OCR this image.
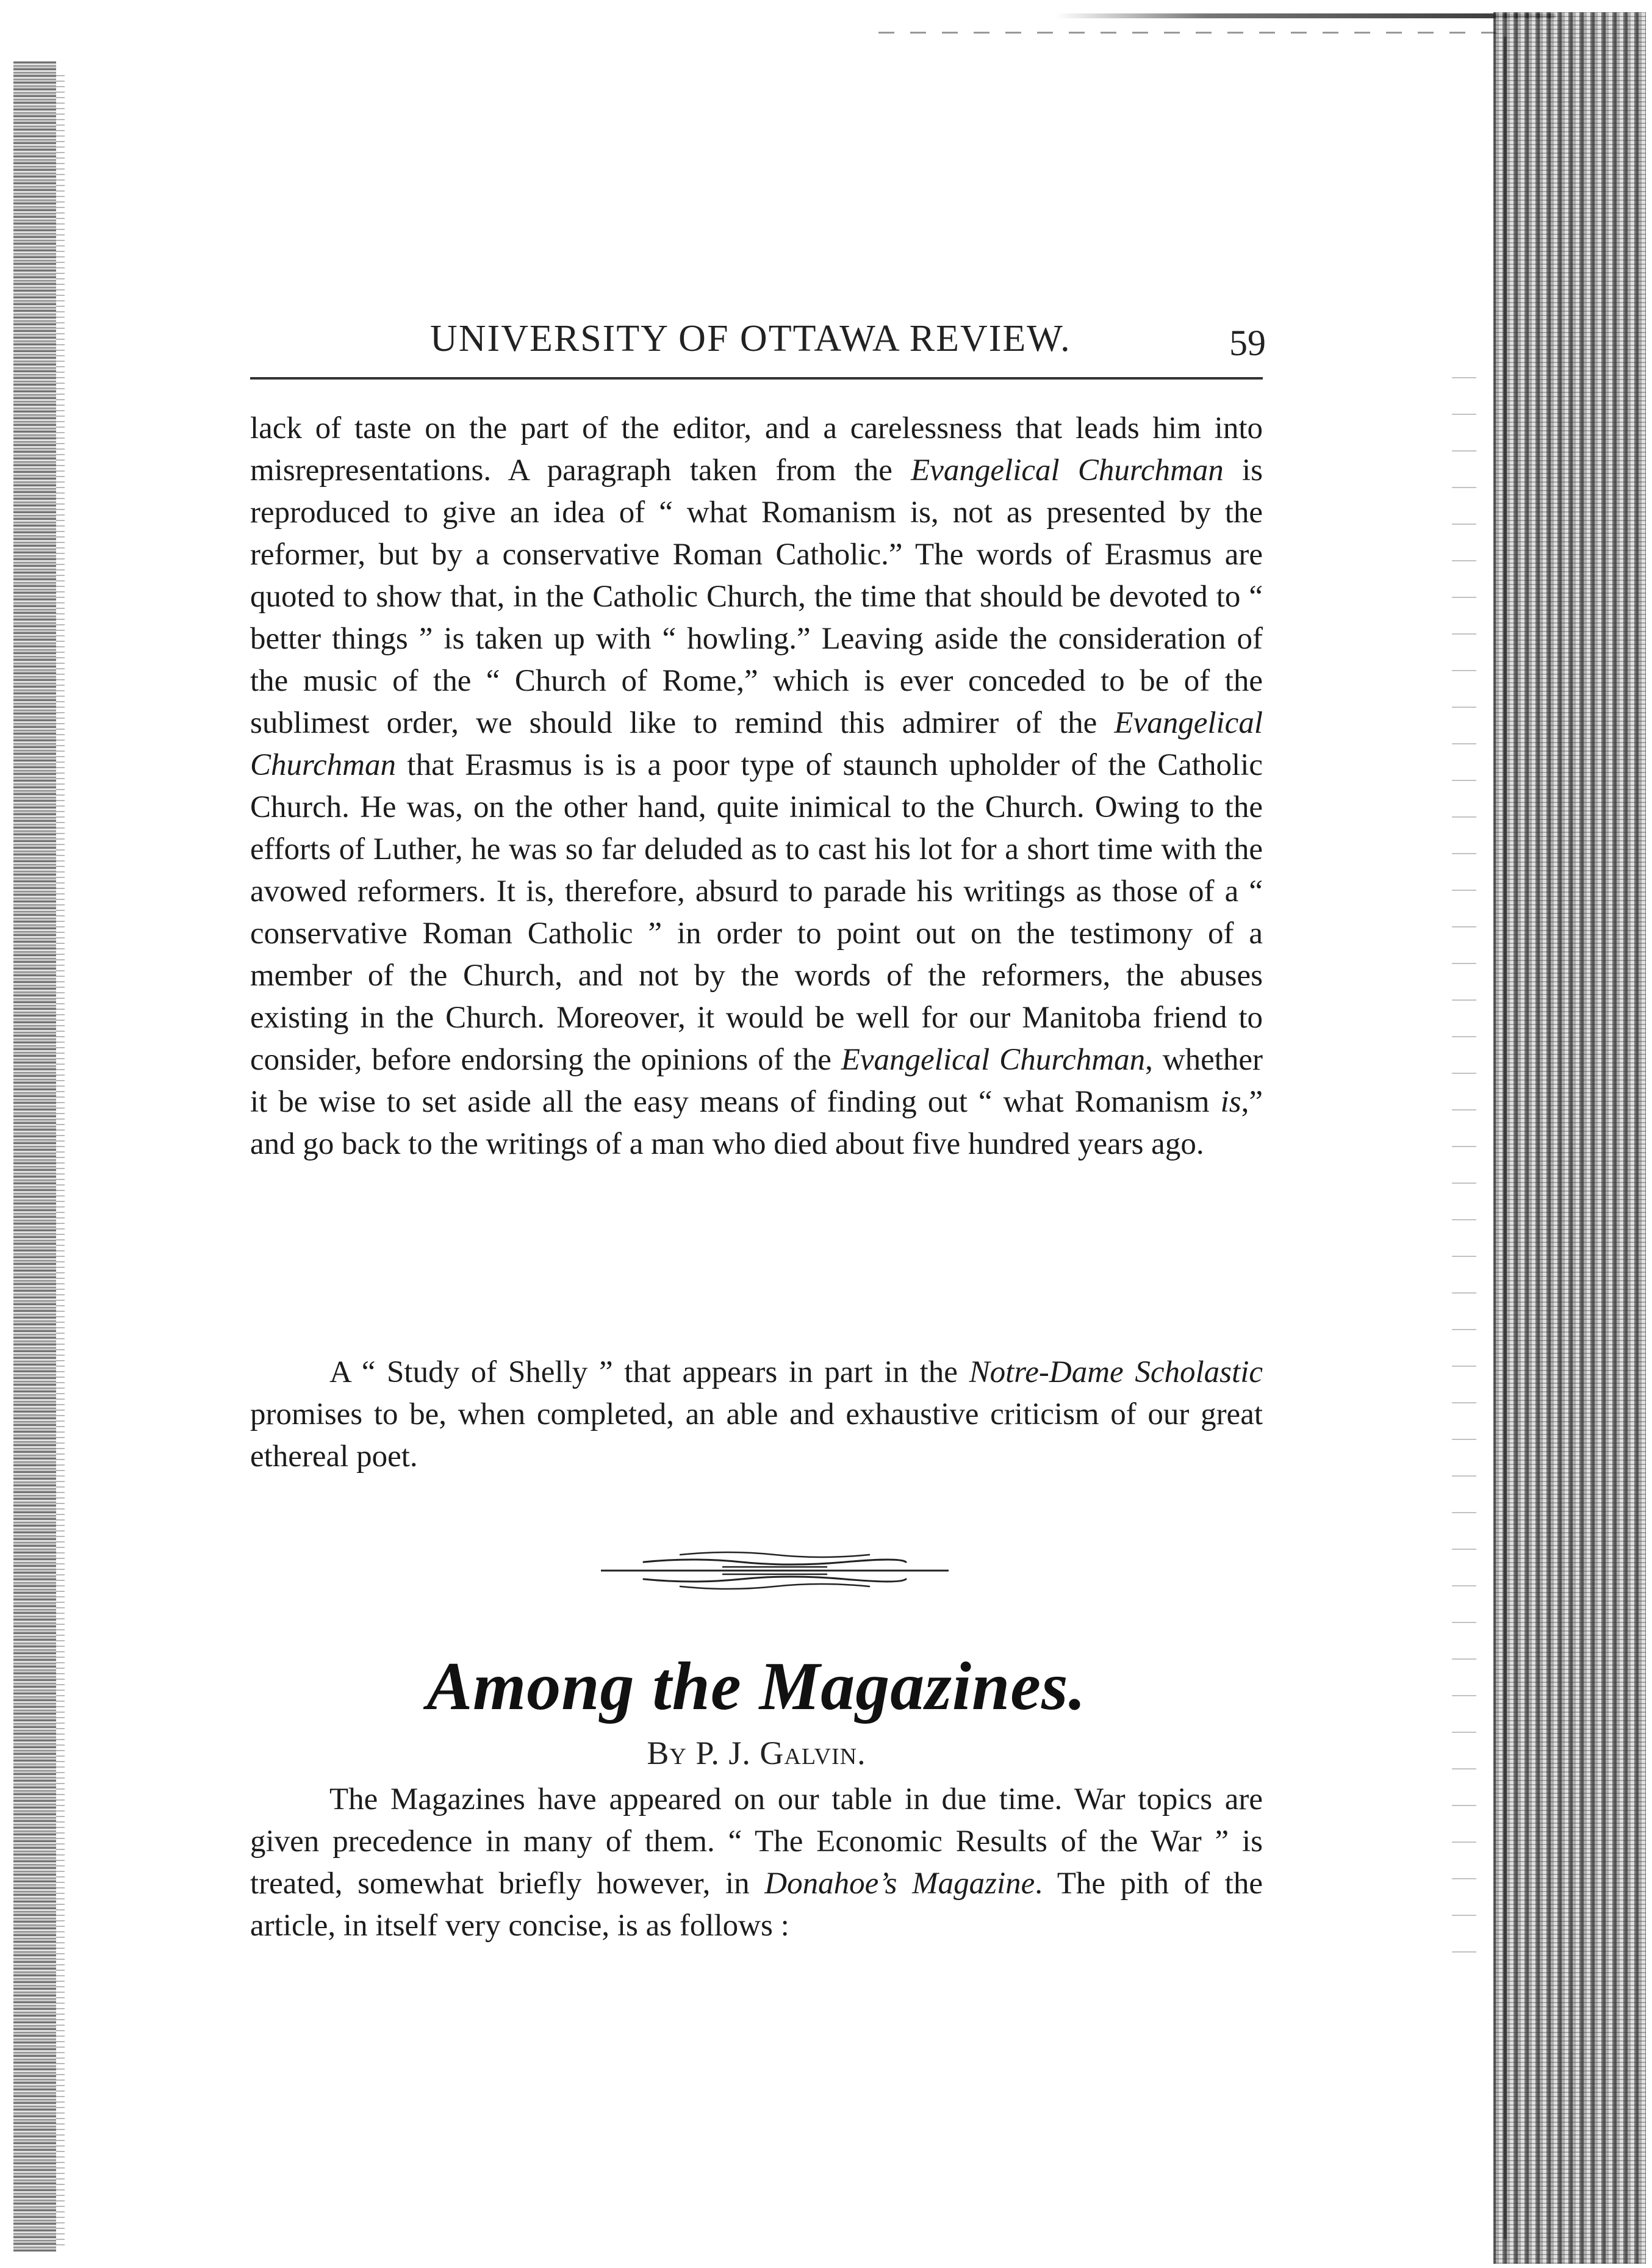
UNIVERSITY OF OTTAWA REVIEW.	59

lack of taste on the part of the editor, and a carelessness that leads him into misrepresentations. A paragraph taken from the Evangelical Churchman is reproduced to give an idea of “ what Romanism is, not as presented by the reformer, but by a conservative Roman Catholic.” The words of Erasmus are quoted to show that, in the Catholic Church, the time that should be devoted to “ better things ” is taken up with “ howling.” Leaving aside the consideration of the music of the “ Church of Rome,” which is ever conceded to be of the sublimest order, we should like to remind this admirer of the Evangelical Churchman that Erasmus is is a poor type of staunch upholder of the Catholic Church. He was, on the other hand, quite inimical to the Church. Owing to the efforts of Luther, he was so far deluded as to cast his lot for a short time with the avowed reformers. It is, therefore, absurd to parade his writings as those of a “ conservative Roman Catholic ” in order to point out on the testimony of a member of the Church, and not by the words of the reformers, the abuses existing in the Church. Moreover, it would be well for our Manitoba friend to consider, before endorsing the opinions of the Evangelical Churchman, whether it be wise to set aside all the easy means of finding out “ what Romanism is,” and go back to the writings of a man who died about five hundred years ago.

A “ Study of Shelly ” that appears in part in the Notre-Dame Scholastic promises to be, when completed, an able and exhaustive criticism of our great ethereal poet.

Among the Magazines.
By P. J. Galvin.

The Magazines have appeared on our table in due time. War topics are given precedence in many of them. “ The Economic Results of the War ” is treated, somewhat briefly however, in Donahoe’s Magazine. The pith of the article, in itself very concise, is as follows :
